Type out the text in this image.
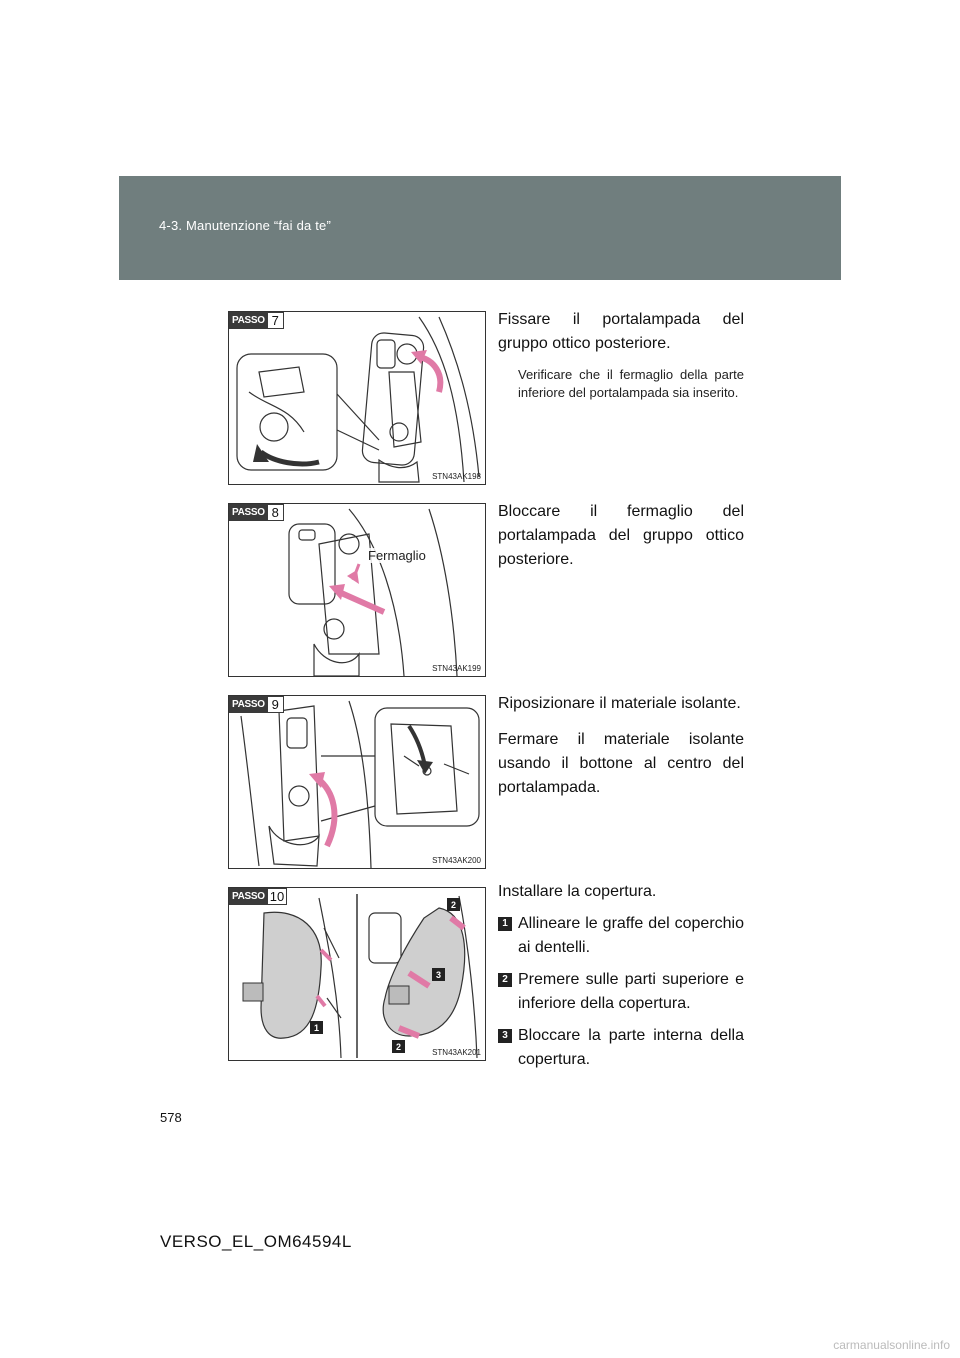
4-3. Manutenzione “fai da te”
PASSO 7
STN43AK198

Fissare il portalampada del gruppo ottico posteriore.

Verificare che il fermaglio della parte inferiore del portalampada sia inserito.

PASSO 8
Fermaglio
STN43AK199

Bloccare il fermaglio del portalampada del gruppo ottico posteriore.

PASSO 9
STN43AK200

Riposizionare il materiale isolante.

Fermare il materiale isolante usando il bottone al centro del portalampada.

PASSO 10
1
2
3
2
STN43AK201

Installare la copertura.

1 Allineare le graffe del coperchio ai dentelli.
2 Premere sulle parti superiore e inferiore della copertura.
3 Bloccare la parte interna della copertura.
578
VERSO_EL_OM64594L
carmanualsonline.info
